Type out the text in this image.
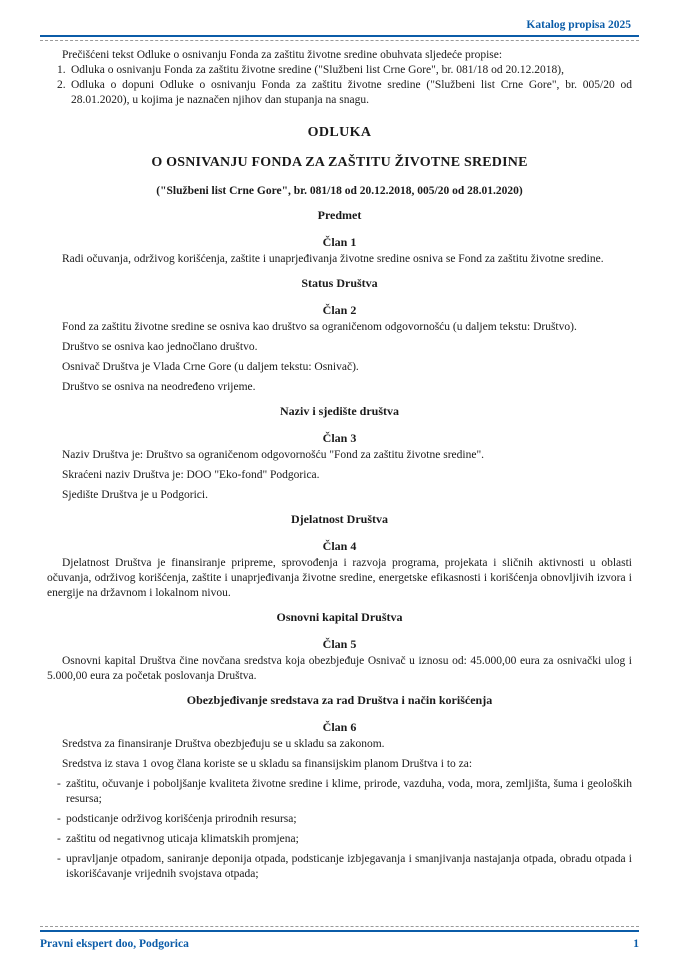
Katalog propisa 2025

Prečišćeni tekst Odluke o osnivanju Fonda za zaštitu životne sredine obuhvata sljedeće propise:

1. Odluka o osnivanju Fonda za zaštitu životne sredine ("Službeni list Crne Gore", br. 081/18 od 20.12.2018),
2. Odluka o dopuni Odluke o osnivanju Fonda za zaštitu životne sredine ("Službeni list Crne Gore", br. 005/20 od 28.01.2020), u kojima je naznačen njihov dan stupanja na snagu.
ODLUKA
O OSNIVANJU FONDA ZA ZAŠTITU ŽIVOTNE SREDINE
("Službeni list Crne Gore", br. 081/18 od 20.12.2018, 005/20 od 28.01.2020)
Predmet
Član 1

Radi očuvanja, održivog korišćenja, zaštite i unaprjeđivanja životne sredine osniva se Fond za zaštitu životne sredine.

Status Društva
Član 2

Fond za zaštitu životne sredine se osniva kao društvo sa ograničenom odgovornošću (u daljem tekstu: Društvo).

Društvo se osniva kao jednočlano društvo.

Osnivač Društva je Vlada Crne Gore (u daljem tekstu: Osnivač).

Društvo se osniva na neodređeno vrijeme.

Naziv i sjedište društva
Član 3

Naziv Društva je: Društvo sa ograničenom odgovornošću "Fond za zaštitu životne sredine".

Skraćeni naziv Društva je: DOO "Eko-fond" Podgorica.

Sjedište Društva je u Podgorici.

Djelatnost Društva
Član 4

Djelatnost Društva je finansiranje pripreme, sprovođenja i razvoja programa, projekata i sličnih aktivnosti u oblasti očuvanja, održivog korišćenja, zaštite i unaprjeđivanja životne sredine, energetske efikasnosti i korišćenja obnovljivih izvora i energije na državnom i lokalnom nivou.

Osnovni kapital Društva
Član 5

Osnovni kapital Društva čine novčana sredstva koja obezbjeđuje Osnivač u iznosu od: 45.000,00 eura za osnivački ulog i 5.000,00 eura za početak poslovanja Društva.

Obezbjeđivanje sredstava za rad Društva i način korišćenja
Član 6

Sredstva za finansiranje Društva obezbjeđuju se u skladu sa zakonom.

Sredstva iz stava 1 ovog člana koriste se u skladu sa finansijskim planom Društva i to za:

- zaštitu, očuvanje i poboljšanje kvaliteta životne sredine i klime, prirode, vazduha, voda, mora, zemljišta, šuma i geoloških resursa;
- podsticanje održivog korišćenja prirodnih resursa;
- zaštitu od negativnog uticaja klimatskih promjena;
- upravljanje otpadom, saniranje deponija otpada, podsticanje izbjegavanja i smanjivanja nastajanja otpada, obradu otpada i iskorišćavanje vrijednih svojstava otpada;
Pravni ekspert doo, Podgorica	1
